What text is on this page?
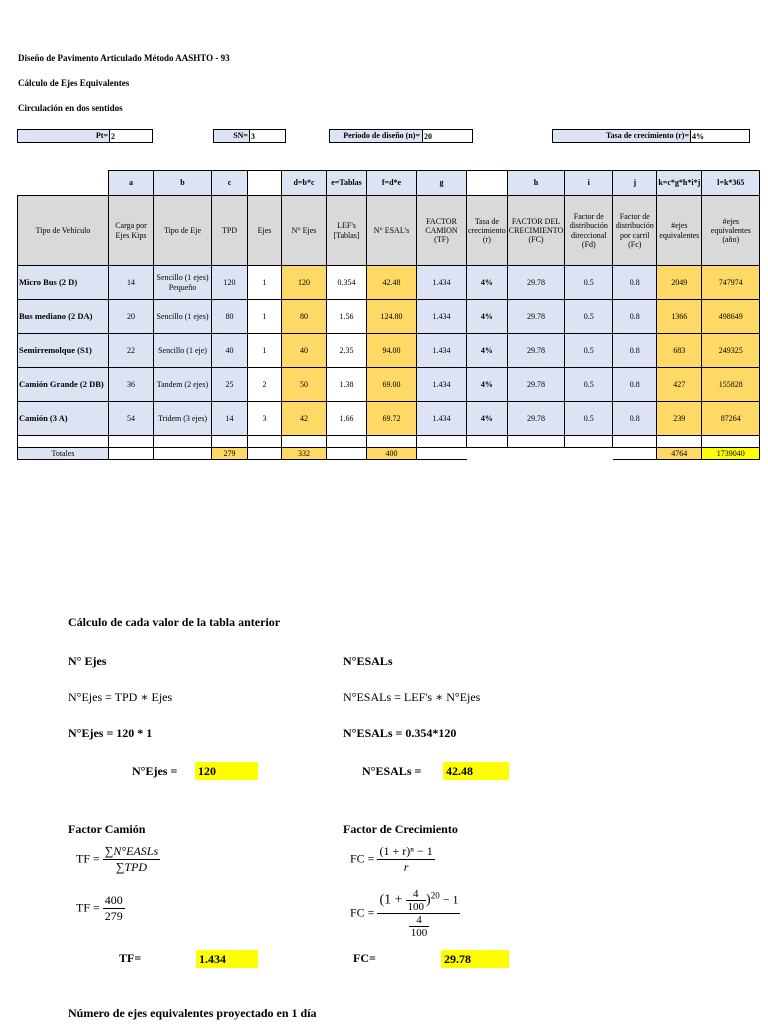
Diseño de Pavimento Articulado Método AASHTO - 93
Cálculo de Ejes Equivalentes
Circulación en dos sentidos
Pt= 2	SN= 3	Periodo de diseño (n)= 20	Tasa de crecimiento (r)= 4%
	a	b	c		d=b*c	e=Tablas	f=d*e	g		h	i	j	k=c*g*h*i*j	l=k*365
Tipo de Vehículo	Carga por Ejes Kips	Tipo de Eje	TPD	Ejes	N° Ejes	LEF's [Tablas]	N° ESAL's	FACTOR CAMION (TF)	Tasa de crecimiento (r)	FACTOR DEL CRECIMIENTO (FC)	Factor de distribución direccional (Fd)	Factor de distribución por carril (Fc)	#ejes equivalentes	#ejes equivalentes (año)
Micro Bus (2 D)	14	Sencillo (1 ejes) Pequeño	120	1	120	0.354	42.48	1.434	4%	29.78	0.5	0.8	2049	747974
Bus mediano (2 DA)	20	Sencillo (1 ejes)	80	1	80	1.56	124.80	1.434	4%	29.78	0.5	0.8	1366	498649
Semirremolque (S1)	22	Sencillo (1 eje)	40	1	40	2.35	94.00	1.434	4%	29.78	0.5	0.8	683	249325
Camión Grande (2 DB)	36	Tandem (2 ejes)	25	2	50	1.38	69.00	1.434	4%	29.78	0.5	0.8	427	155828
Camión (3 A)	54	Tridem (3 ejes)	14	3	42	1.66	69.72	1.434	4%	29.78	0.5	0.8	239	87264

Totales			279		332		400						4764	1739040
Cálculo de cada valor de la tabla anterior
N° Ejes
N°Ejes = TPD ∗ Ejes
N°Ejes = 120 * 1
N°Ejes = 120
N°ESALs
N°ESALs = LEF's ∗ N°Ejes
N°ESALs = 0.354*120
N°ESALs = 42.48
Factor Camión
TF = $\frac{\text{∑N°EASLs}}{\text{∑TPD}}$
TF = $\frac{400}{279}$
TF=	1.434
Factor de Crecimiento
FC = $\frac{\text{(1 + r)ⁿ − 1}}{r}$
FC = $\frac{(1 + \frac{4}{100} )^{20} - 1}{\frac{4}{100}}$
FC=	29.78
Número de ejes equivalentes proyectado en 1 día
